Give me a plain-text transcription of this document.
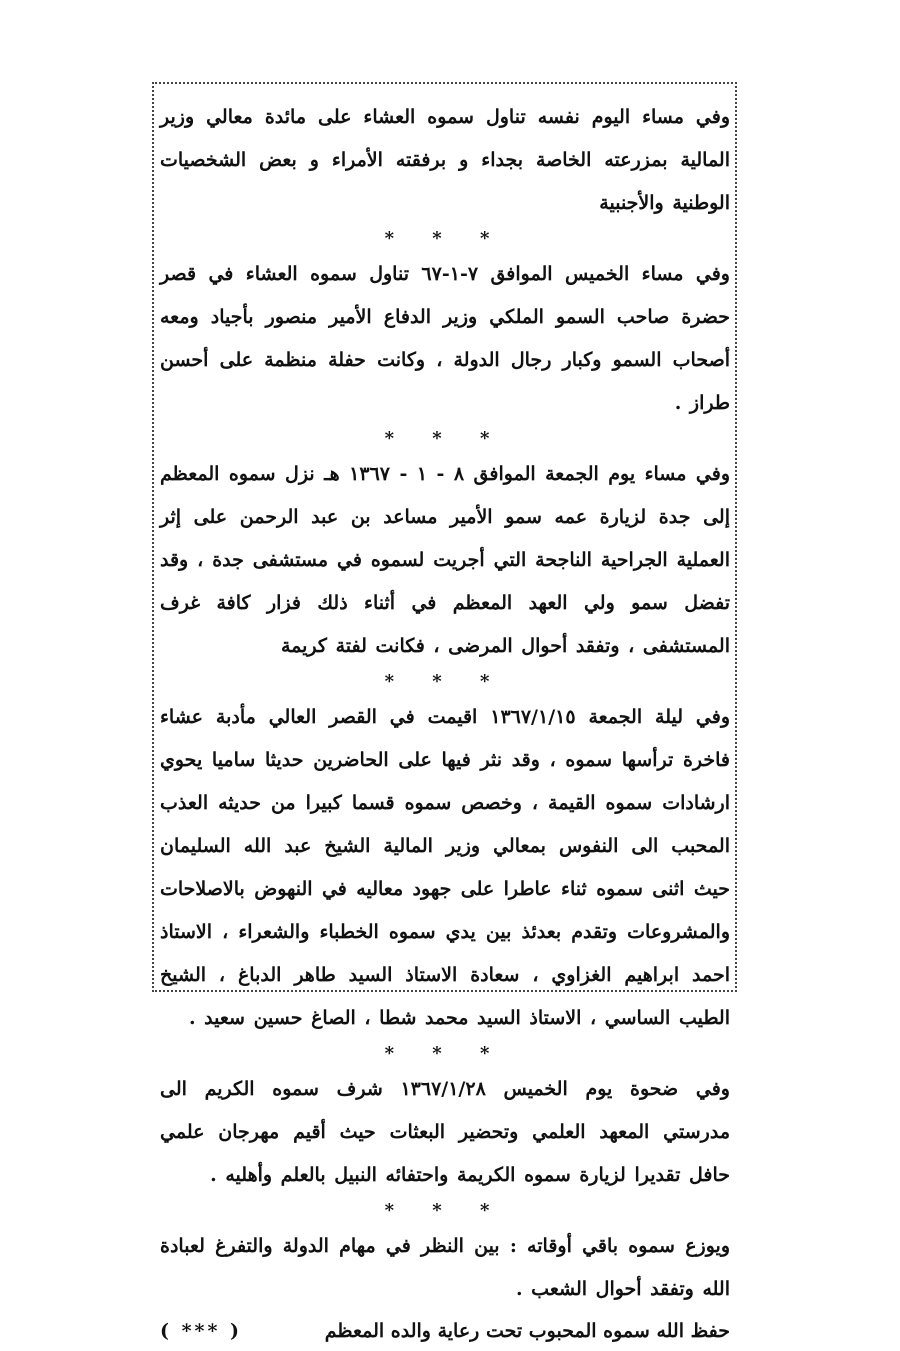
وفي مساء اليوم نفسه تناول سموه العشاء على مائدة معالي وزير المالية بمزرعته الخاصة بجداء و برفقته الأمراء و بعض الشخصيات الوطنية والأجنبية

* * *

وفي مساء الخميس الموافق ٧-١-٦٧ تناول سموه العشاء في قصر حضرة صاحب السمو الملكي وزير الدفاع الأمير منصور بأجياد ومعه أصحاب السمو وكبار رجال الدولة ، وكانت حفلة منظمة على أحسن طراز .

* * *

وفي مساء يوم الجمعة الموافق ٨ - ١ - ١٣٦٧ هـ نزل سموه المعظم إلى جدة لزيارة عمه سمو الأمير مساعد بن عبد الرحمن على إثر العملية الجراحية الناجحة التي أجريت لسموه في مستشفى جدة ، وقد تفضل سمو ولي العهد المعظم في أثناء ذلك فزار كافة غرف المستشفى ، وتفقد أحوال المرضى ، فكانت لفتة كريمة

* * *

وفي ليلة الجمعة ١٣٦٧/١/١٥ اقيمت في القصر العالي مأدبة عشاء فاخرة ترأسها سموه ، وقد نثر فيها على الحاضرين حديثا ساميا يحوي ارشادات سموه القيمة ، وخصص سموه قسما كبيرا من حديثه العذب المحبب الى النفوس بمعالي وزير المالية الشيخ عبد الله السليمان حيث اثنى سموه ثناء عاطرا على جهود معاليه في النهوض بالاصلاحات والمشروعات وتقدم بعدئذ بين يدي سموه الخطباء والشعراء ، الاستاذ احمد ابراهيم الغزاوي ، سعادة الاستاذ السيد طاهر الدباغ ، الشيخ الطيب الساسي ، الاستاذ السيد محمد شطا ، الصاغ حسين سعيد .

* * *

وفي ضحوة يوم الخميس ١٣٦٧/١/٢٨ شرف سموه الكريم الى مدرستي المعهد العلمي وتحضير البعثات حيث أقيم مهرجان علمي حافل تقديرا لزيارة سموه الكريمة واحتفائه النبيل بالعلم وأهليه .

* * *

ويوزع سموه باقي أوقاته : بين النظر في مهام الدولة والتفرغ لعبادة الله وتفقد أحوال الشعب .

حفظ الله سموه المحبوب تحت رعاية والده المعظم
( *** )
